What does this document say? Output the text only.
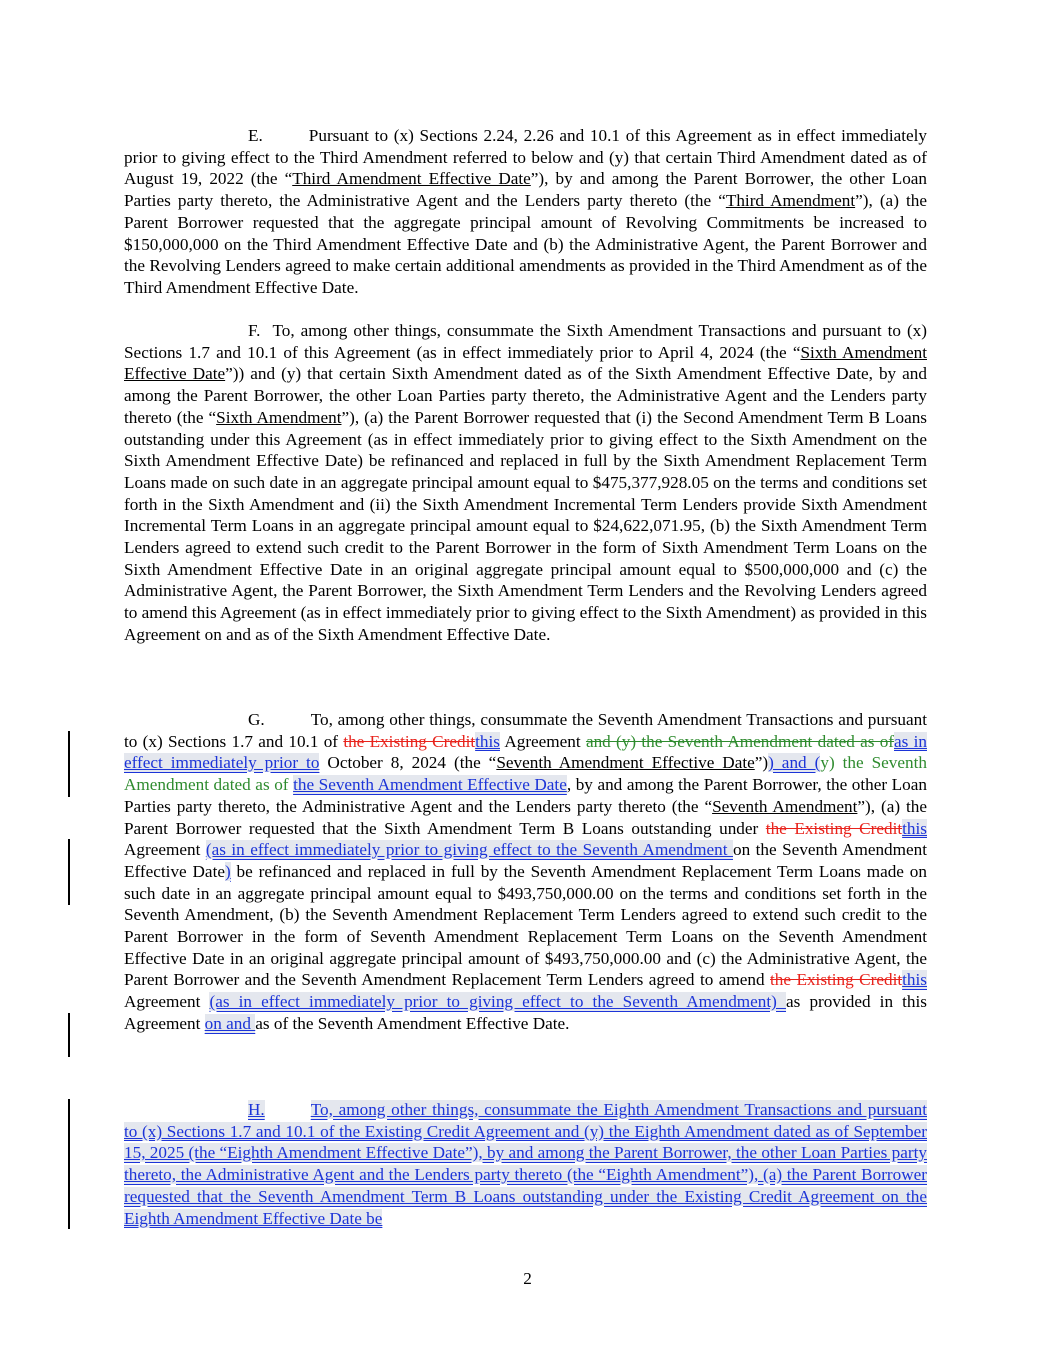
E.	Pursuant to (x) Sections 2.24, 2.26 and 10.1 of this Agreement as in effect immediately prior to giving effect to the Third Amendment referred to below and (y) that certain Third Amendment dated as of August 19, 2022 (the “Third Amendment Effective Date”), by and among the Parent Borrower, the other Loan Parties party thereto, the Administrative Agent and the Lenders party thereto (the “Third Amendment”), (a) the Parent Borrower requested that the aggregate principal amount of Revolving Commitments be increased to $150,000,000 on the Third Amendment Effective Date and (b) the Administrative Agent, the Parent Borrower and the Revolving Lenders agreed to make certain additional amendments as provided in the Third Amendment as of the Third Amendment Effective Date.
F. To, among other things, consummate the Sixth Amendment Transactions and pursuant to (x) Sections 1.7 and 10.1 of this Agreement (as in effect immediately prior to April 4, 2024 (the “Sixth Amendment Effective Date”)) and (y) that certain Sixth Amendment dated as of the Sixth Amendment Effective Date, by and among the Parent Borrower, the other Loan Parties party thereto, the Administrative Agent and the Lenders party thereto (the “Sixth Amendment”), (a) the Parent Borrower requested that (i) the Second Amendment Term B Loans outstanding under this Agreement (as in effect immediately prior to giving effect to the Sixth Amendment on the Sixth Amendment Effective Date) be refinanced and replaced in full by the Sixth Amendment Replacement Term Loans made on such date in an aggregate principal amount equal to $475,377,928.05 on the terms and conditions set forth in the Sixth Amendment and (ii) the Sixth Amendment Incremental Term Lenders provide Sixth Amendment Incremental Term Loans in an aggregate principal amount equal to $24,622,071.95, (b) the Sixth Amendment Term Lenders agreed to extend such credit to the Parent Borrower in the form of Sixth Amendment Term Loans on the Sixth Amendment Effective Date in an original aggregate principal amount equal to $500,000,000 and (c) the Administrative Agent, the Parent Borrower, the Sixth Amendment Term Lenders and the Revolving Lenders agreed to amend this Agreement (as in effect immediately prior to giving effect to the Sixth Amendment) as provided in this Agreement on and as of the Sixth Amendment Effective Date.
G.	To, among other things, consummate the Seventh Amendment Transactions and pursuant to (x) Sections 1.7 and 10.1 of the Existing Creditthis Agreement and (y) the Seventh Amendment dated as ofas in effect immediately prior to October 8, 2024 (the “Seventh Amendment Effective Date”)) and (y) the Seventh Amendment dated as of the Seventh Amendment Effective Date, by and among the Parent Borrower, the other Loan Parties party thereto, the Administrative Agent and the Lenders party thereto (the “Seventh Amendment”), (a) the Parent Borrower requested that the Sixth Amendment Term B Loans outstanding under the Existing Creditthis Agreement (as in effect immediately prior to giving effect to the Seventh Amendment on the Seventh Amendment Effective Date) be refinanced and replaced in full by the Seventh Amendment Replacement Term Loans made on such date in an aggregate principal amount equal to $493,750,000.00 on the terms and conditions set forth in the Seventh Amendment, (b) the Seventh Amendment Replacement Term Lenders agreed to extend such credit to the Parent Borrower in the form of Seventh Amendment Replacement Term Loans on the Seventh Amendment Effective Date in an original aggregate principal amount of $493,750,000.00 and (c) the Administrative Agent, the Parent Borrower and the Seventh Amendment Replacement Term Lenders agreed to amend the Existing Creditthis Agreement (as in effect immediately prior to giving effect to the Seventh Amendment) as provided in this Agreement on and as of the Seventh Amendment Effective Date.
H.	To, among other things, consummate the Eighth Amendment Transactions and pursuant to (x) Sections 1.7 and 10.1 of the Existing Credit Agreement and (y) the Eighth Amendment dated as of September 15, 2025 (the “Eighth Amendment Effective Date”), by and among the Parent Borrower, the other Loan Parties party thereto, the Administrative Agent and the Lenders party thereto (the “Eighth Amendment”), (a) the Parent Borrower requested that the Seventh Amendment Term B Loans outstanding under the Existing Credit Agreement on the Eighth Amendment Effective Date be
2
